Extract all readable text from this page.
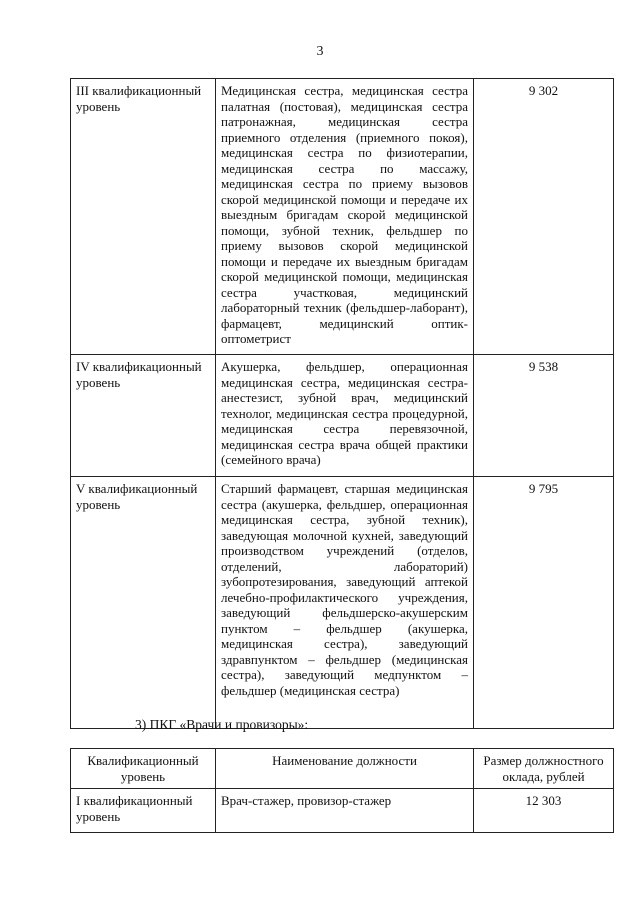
3
III квалификационный уровень	Медицинская сестра, медицинская сестра палатная (постовая), медицинская сестра патронажная, медицинская сестра приемного отделения (приемного покоя), медицинская сестра по физиотерапии, медицинская сестра по массажу, медицинская сестра по приему вызовов скорой медицинской помощи и передаче их выездным бригадам скорой медицинской помощи, зубной техник, фельдшер по приему вызовов скорой медицинской помощи и передаче их выездным бригадам скорой медицинской помощи, медицинская сестра участковая, медицинский лабораторный техник (фельдшер-лаборант), фармацевт, медицинский оптик-оптометрист	9 302
IV квалификационный уровень	Акушерка, фельдшер, операционная медицинская сестра, медицинская сестра-анестезист, зубной врач, медицинский технолог, медицинская сестра процедурной, медицинская сестра перевязочной, медицинская сестра врача общей практики (семейного врача)	9 538
V квалификационный уровень	Старший фармацевт, старшая медицинская сестра (акушерка, фельдшер, операционная медицинская сестра, зубной техник), заведующая молочной кухней, заведующий производством учреждений (отделов, отделений, лабораторий) зубопротезирования, заведующий аптекой лечебно-профилактического учреждения, заведующий фельдшерско-акушерским пунктом – фельдшер (акушерка, медицинская сестра), заведующий здравпунктом – фельдшер (медицинская сестра), заведующий медпунктом – фельдшер (медицинская сестра)	9 795
3) ПКГ «Врачи и провизоры»:
Квалификационный уровень	Наименование должности	Размер должностного оклада, рублей
I квалификационный уровень	Врач-стажер, провизор-стажер	12 303
